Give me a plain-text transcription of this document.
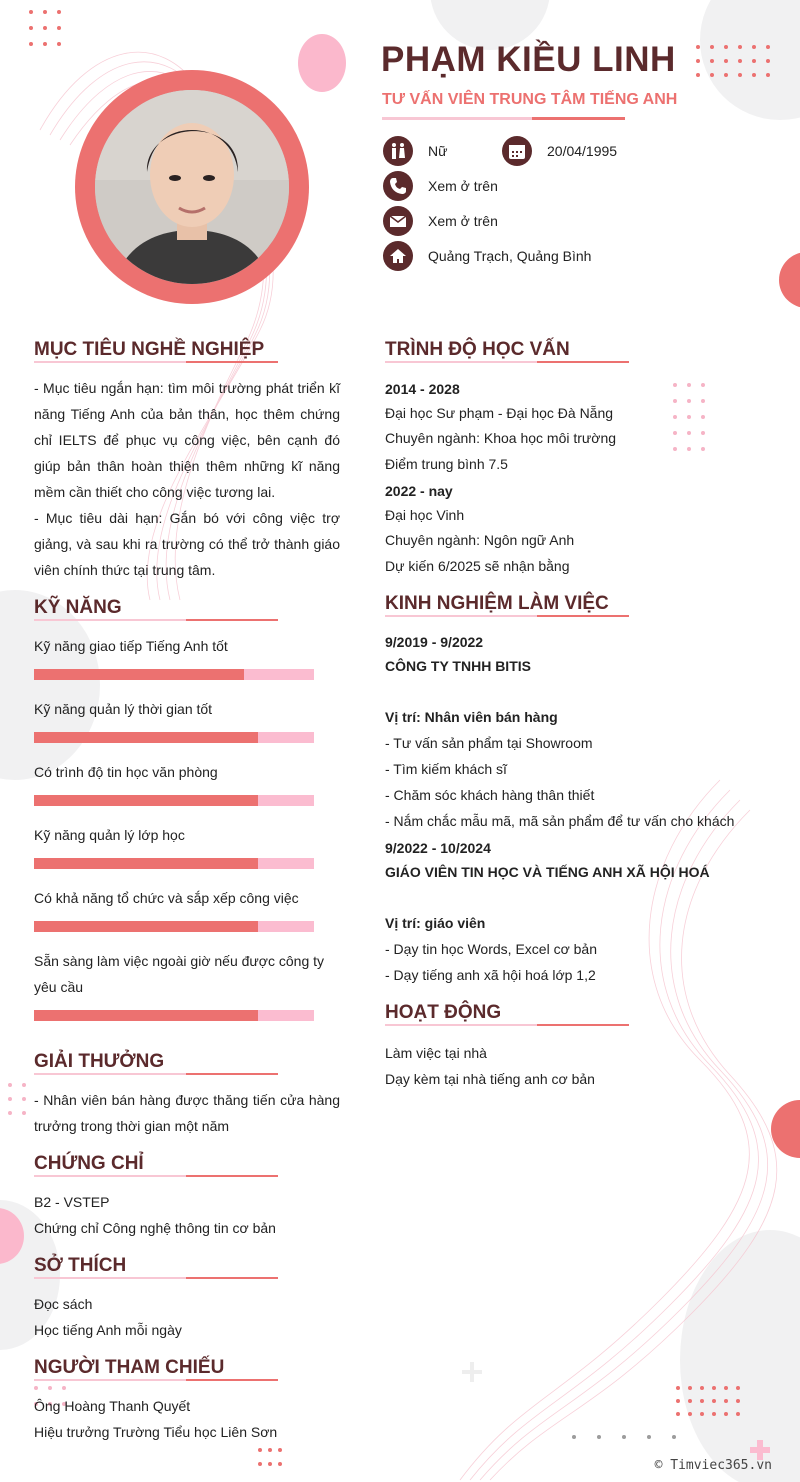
PHẠM KIỀU LINH
TƯ VẤN VIÊN TRUNG TÂM TIẾNG ANH
Nữ	20/04/1995
Xem ở trên
Xem ở trên
Quảng Trạch, Quảng Bình
MỤC TIÊU NGHỀ NGHIỆP
- Mục tiêu ngắn hạn: tìm môi trường phát triển kĩ năng Tiếng Anh của bản thân, học thêm chứng chỉ IELTS để phục vụ công việc, bên cạnh đó giúp bản thân hoàn thiện thêm những kĩ năng mềm cần thiết cho công việc tương lai.
- Mục tiêu dài hạn: Gắn bó với công việc trợ giảng, và sau khi ra trường có thể trở thành giáo viên chính thức tại trung tâm.
KỸ NĂNG
Kỹ năng giao tiếp Tiếng Anh tốt
Kỹ năng quản lý thời gian tốt
Có trình độ tin học văn phòng
Kỹ năng quản lý lớp học
Có khả năng tổ chức và sắp xếp công việc
Sẵn sàng làm việc ngoài giờ nếu được công ty yêu cầu
GIẢI THƯỞNG
- Nhân viên bán hàng được thăng tiến cửa hàng trưởng trong thời gian một năm
CHỨNG CHỈ
B2 - VSTEP
Chứng chỉ Công nghệ thông tin cơ bản
SỞ THÍCH
Đọc sách
Học tiếng Anh mỗi ngày
NGƯỜI THAM CHIẾU
Ông Hoàng Thanh Quyết
Hiệu trưởng Trường Tiểu học Liên Sơn
TRÌNH ĐỘ HỌC VẤN
2014 - 2028
Đại học Sư phạm - Đại học Đà Nẵng
Chuyên ngành: Khoa học môi trường
Điểm trung bình 7.5
2022 - nay
Đại học Vinh
Chuyên ngành: Ngôn ngữ Anh
Dự kiến 6/2025 sẽ nhận bằng
KINH NGHIỆM LÀM VIỆC
9/2019 - 9/2022
CÔNG TY TNHH BITIS
Vị trí: Nhân viên bán hàng
- Tư vấn sản phẩm tại Showroom
- Tìm kiếm khách sĩ
- Chăm sóc khách hàng thân thiết
- Nắm chắc mẫu mã, mã sản phẩm để tư vấn cho khách
9/2022 - 10/2024
GIÁO VIÊN TIN HỌC VÀ TIẾNG ANH XÃ HỘI HOÁ
Vị trí: giáo viên
- Dạy tin học Words, Excel cơ bản
- Dạy tiếng anh xã hội hoá lớp 1,2
HOẠT ĐỘNG
Làm việc tại nhà
Dạy kèm tại nhà tiếng anh cơ bản
© Timviec365.vn
